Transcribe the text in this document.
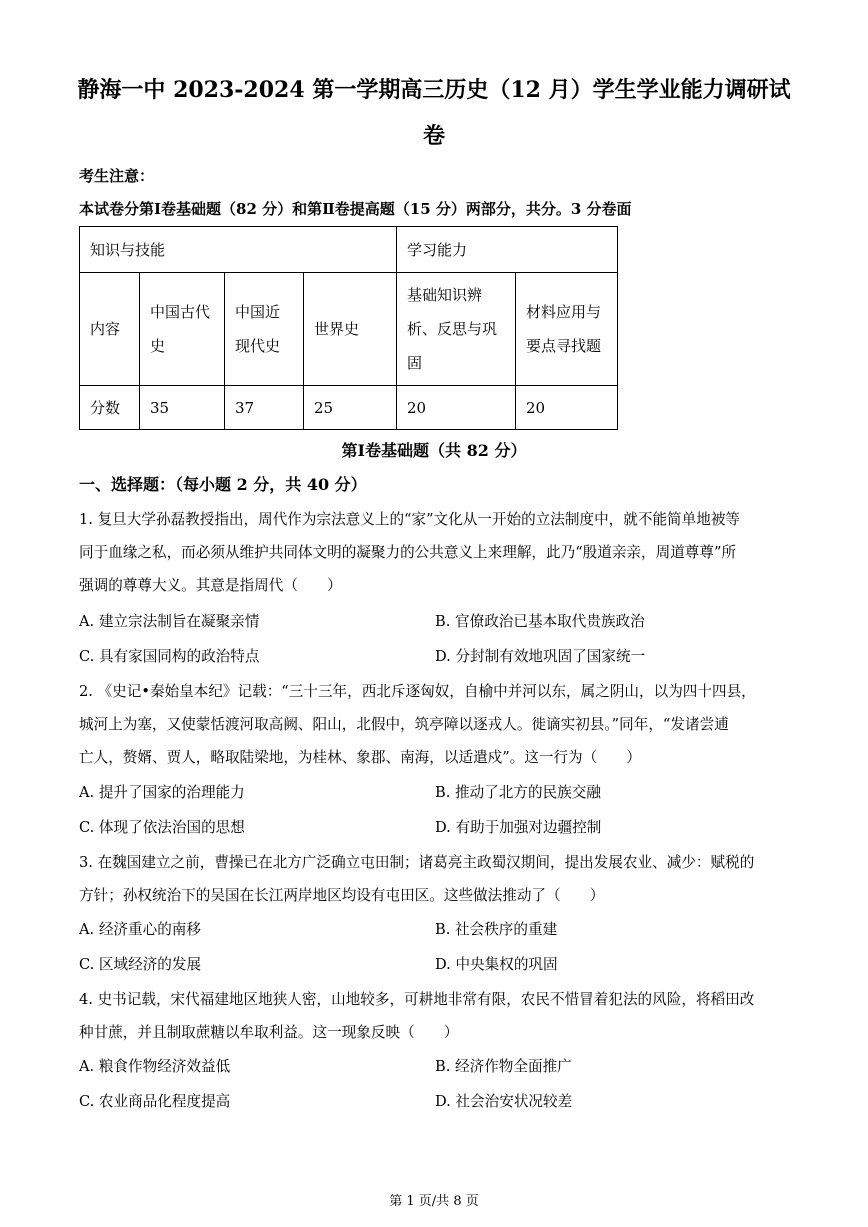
静海一中 2023-2024 第一学期高三历史（12 月）学生学业能力调研试
卷
考生注意：
本试卷分第Ⅰ卷基础题（82 分）和第Ⅱ卷提高题（15 分）两部分，共分。3 分卷面
知识与技能				学习能力	
内容	中国古代史	中国近现代史	世界史	基础知识辨析、反思与巩固	材料应用与要点寻找题
分数	35	37	25	20	20
第Ⅰ卷基础题（共 82 分）
一、选择题：（每小题 2 分，共 40 分）

1. 复旦大学孙磊教授指出，周代作为宗法意义上的“家”文化从一开始的立法制度中，就不能简单地被等

同于血缘之私，而必须从维护共同体文明的凝聚力的公共意义上来理解，此乃“殷道亲亲，周道尊尊”所

强调的尊尊大义。其意是指周代（　　）

A. 建立宗法制旨在凝聚亲情	B. 官僚政治已基本取代贵族政治
C. 具有家国同构的政治特点	D. 分封制有效地巩固了国家统一

2. 《史记•秦始皇本纪》记载：“三十三年，西北斥逐匈奴，自榆中并河以东，属之阴山，以为四十四县，

城河上为塞，又使蒙恬渡河取高阙、阳山，北假中，筑亭障以逐戎人。徙谪实初县。”同年，“发诸尝逋

亡人，赘婿、贾人，略取陆梁地，为桂林、象郡、南海，以适遣戍”。这一行为（　　）

A. 提升了国家的治理能力	B. 推动了北方的民族交融
C. 体现了依法治国的思想	D. 有助于加强对边疆控制

3. 在魏国建立之前，曹操已在北方广泛确立屯田制；诸葛亮主政蜀汉期间，提出发展农业、减少：赋税的

方针；孙权统治下的吴国在长江两岸地区均设有屯田区。这些做法推动了（　　）

A. 经济重心的南移	B. 社会秩序的重建
C. 区域经济的发展	D. 中央集权的巩固

4. 史书记载，宋代福建地区地狭人密，山地较多，可耕地非常有限，农民不惜冒着犯法的风险，将稻田改

种甘蔗，并且制取蔗糖以牟取利益。这一现象反映（　　）

A. 粮食作物经济效益低	B. 经济作物全面推广
C. 农业商品化程度提高	D. 社会治安状况较差
第 1 页/共 8 页
